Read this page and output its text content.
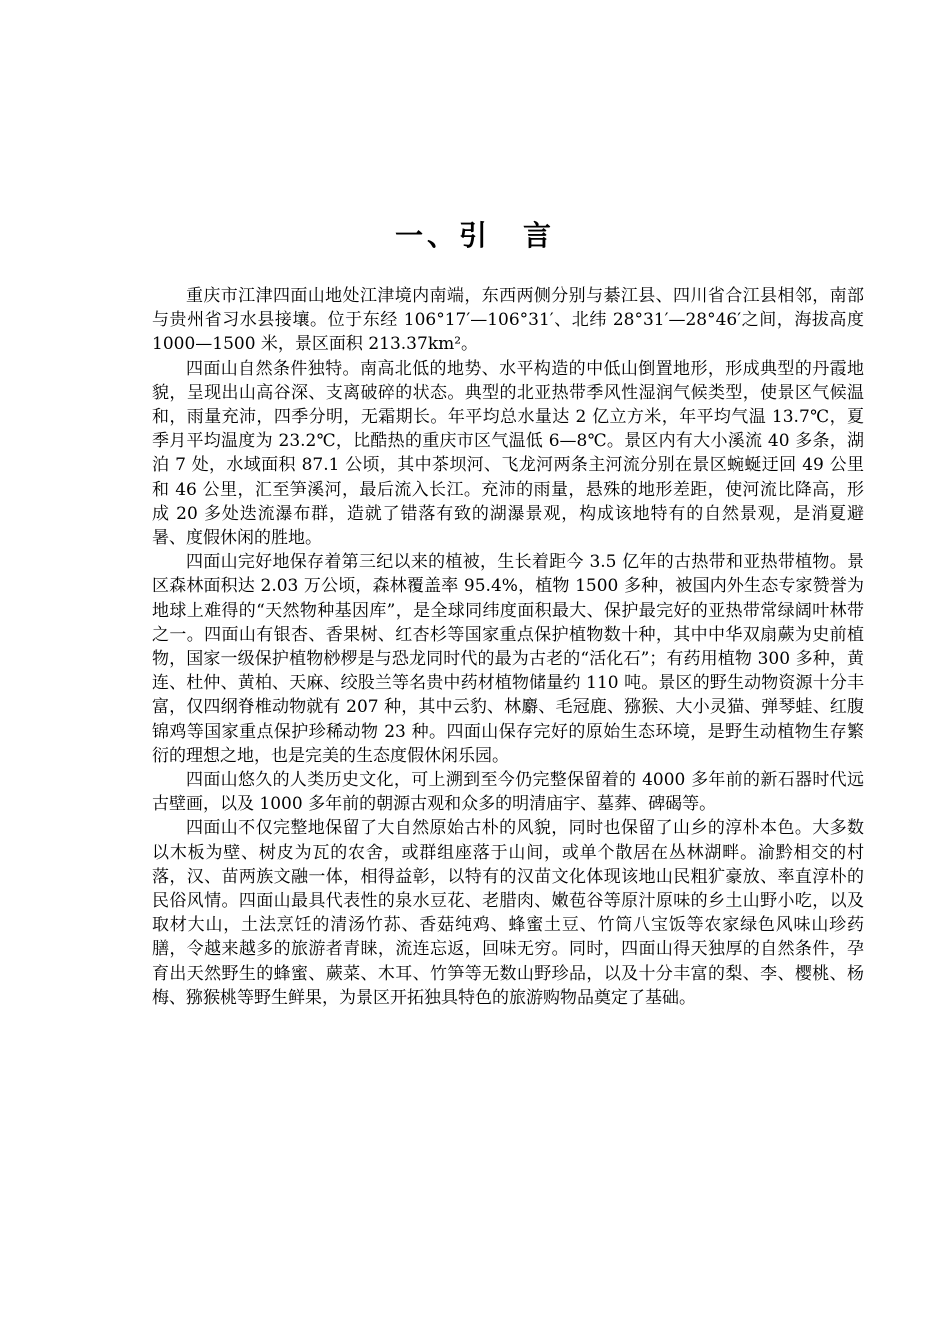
一、引　言

重庆市江津四面山地处江津境内南端，东西两侧分别与綦江县、四川省合江县相邻，南部与贵州省习水县接壤。位于东经 106°17′—106°31′、北纬 28°31′—28°46′之间，海拔高度 1000—1500 米，景区面积 213.37km²。

四面山自然条件独特。南高北低的地势、水平构造的中低山倒置地形，形成典型的丹霞地貌，呈现出山高谷深、支离破碎的状态。典型的北亚热带季风性湿润气候类型，使景区气候温和，雨量充沛，四季分明，无霜期长。年平均总水量达 2 亿立方米，年平均气温 13.7℃，夏季月平均温度为 23.2℃，比酷热的重庆市区气温低 6—8℃。景区内有大小溪流 40 多条，湖泊 7 处，水域面积 87.1 公顷，其中茶坝河、飞龙河两条主河流分别在景区蜿蜒迂回 49 公里和 46 公里，汇至笋溪河，最后流入长江。充沛的雨量，悬殊的地形差距，使河流比降高，形成 20 多处迭流瀑布群，造就了错落有致的湖瀑景观，构成该地特有的自然景观，是消夏避暑、度假休闲的胜地。

四面山完好地保存着第三纪以来的植被，生长着距今 3.5 亿年的古热带和亚热带植物。景区森林面积达 2.03 万公顷，森林覆盖率 95.4%，植物 1500 多种，被国内外生态专家赞誉为地球上难得的“天然物种基因库”，是全球同纬度面积最大、保护最完好的亚热带常绿阔叶林带之一。四面山有银杏、香果树、红杏杉等国家重点保护植物数十种，其中中华双扇蕨为史前植物，国家一级保护植物桫椤是与恐龙同时代的最为古老的“活化石”；有药用植物 300 多种，黄连、杜仲、黄柏、天麻、绞股兰等名贵中药材植物储量约 110 吨。景区的野生动物资源十分丰富，仅四纲脊椎动物就有 207 种，其中云豹、林麝、毛冠鹿、猕猴、大小灵猫、弹琴蛙、红腹锦鸡等国家重点保护珍稀动物 23 种。四面山保存完好的原始生态环境，是野生动植物生存繁衍的理想之地，也是完美的生态度假休闲乐园。

四面山悠久的人类历史文化，可上溯到至今仍完整保留着的 4000 多年前的新石器时代远古壁画，以及 1000 多年前的朝源古观和众多的明清庙宇、墓葬、碑碣等。

四面山不仅完整地保留了大自然原始古朴的风貌，同时也保留了山乡的淳朴本色。大多数以木板为壁、树皮为瓦的农舍，或群组座落于山间，或单个散居在丛林湖畔。渝黔相交的村落，汉、苗两族文融一体，相得益彰，以特有的汉苗文化体现该地山民粗犷豪放、率直淳朴的民俗风情。四面山最具代表性的泉水豆花、老腊肉、嫩苞谷等原汁原味的乡土山野小吃，以及取材大山，土法烹饪的清汤竹荪、香菇纯鸡、蜂蜜土豆、竹筒八宝饭等农家绿色风味山珍药膳，令越来越多的旅游者青睐，流连忘返，回味无穷。同时，四面山得天独厚的自然条件，孕育出天然野生的蜂蜜、蕨菜、木耳、竹笋等无数山野珍品，以及十分丰富的梨、李、樱桃、杨梅、猕猴桃等野生鲜果，为景区开拓独具特色的旅游购物品奠定了基础。
